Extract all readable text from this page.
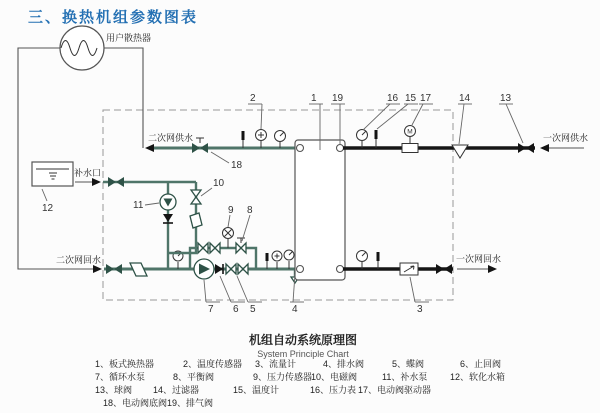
三、换热机组参数图表
用户散热器
补水口
二次网供水
二次网回水
M
一次网供水
一次网回水
1
2
3
4
5
6
7
8
9
10
11
12
13
14
15
16 17
18
19
机组自动系统原理图
System Principle Chart
1、板式换热器	2、温度传感器 3、流量计	4、排水阀	5、蝶阀	6、止回阀
7、循环水泵	8、平衡阀	9、压力传感器
10、电磁阀	11、补水泵	12、软化水箱
13、球阀 14、过滤器	15、温度计	16、压力表 17、电动阀驱动器
18、电动阀底阀 19、排气阀
